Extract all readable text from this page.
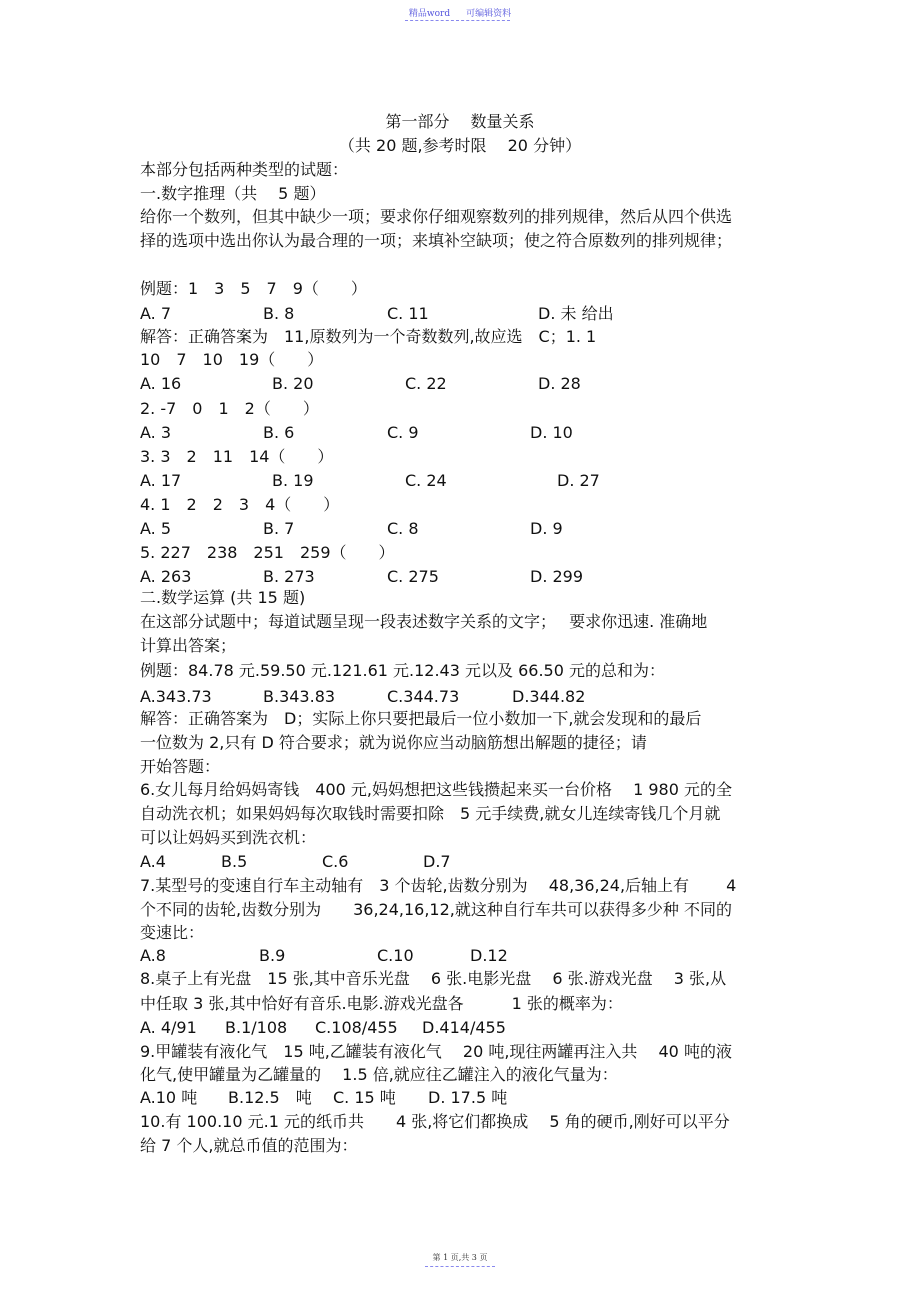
精品word 可编辑资料
第一部分　 数量关系
（共 20 题,参考时限　 20 分钟）
本部分包括两种类型的试题：
一.数字推理（共　 5 题）
给你一个数列，但其中缺少一项；要求你仔细观察数列的排列规律，然后从四个供选
择的选项中选出你认为最合理的一项；来填补空缺项；使之符合原数列的排列规律；
例题：1　3　5　7　9（　　）
A. 7	B. 8	C. 11	D. 未 给出
解答：正确答案为　11,原数列为一个奇数数列,故应选　C；1. 1
10　7　10　19（　　）
A. 16	B. 20	C. 22	D. 28
2. -7　0　1　2（　　）
A. 3	B. 6	C. 9	D. 10
3. 3　2　11　14（　　）
A. 17	B. 19	C. 24	D. 27
4. 1　2　2　3　4（　　）
A. 5	B. 7	C. 8	D. 9
5. 227　238　251　259（　　）
A. 263	B. 273	C. 275	D. 299
二.数学运算 (共 15 题)
在这部分试题中；每道试题呈现一段表述数字关系的文字；　 要求你迅速. 准确地
计算出答案；
例题：84.78 元.59.50 元.121.61 元.12.43 元以及 66.50 元的总和为：
A.343.73	B.343.83	C.344.73	D.344.82
解答：正确答案为　D；实际上你只要把最后一位小数加一下,就会发现和的最后
一位数为 2,只有 D 符合要求；就为说你应当动脑筋想出解题的捷径；请
开始答题：
6.女儿每月给妈妈寄钱　400 元,妈妈想把这些钱攒起来买一台价格　 1 980 元的全
自动洗衣机；如果妈妈每次取钱时需要扣除　5 元手续费,就女儿连续寄钱几个月就
可以让妈妈买到洗衣机：
A.4	B.5	C.6	D.7
7.某型号的变速自行车主动轴有　3 个齿轮,齿数分别为　 48,36,24,后轴上有　　 4
个不同的齿轮,齿数分别为　　36,24,16,12,就这种自行车共可以获得多少种 不同的
变速比：
A.8	B.9	C.10	D.12
8.桌子上有光盘　15 张,其中音乐光盘　 6 张.电影光盘　 6 张.游戏光盘　 3 张,从
中任取 3 张,其中恰好有音乐.电影.游戏光盘各　　　1 张的概率为：
A. 4/91 B.1/108 C.108/455 D.414/455
9.甲罐装有液化气　15 吨,乙罐装有液化气　 20 吨,现往两罐再注入共　 40 吨的液
化气,使甲罐量为乙罐量的　 1.5 倍,就应往乙罐注入的液化气量为：
A.10 吨 B.12.5　吨 C. 15 吨 D. 17.5 吨
10.有 100.10 元.1 元的纸币共　　4 张,将它们都换成　 5 角的硬币,刚好可以平分
给 7 个人,就总币值的范围为：
第 1 页,共 3 页
